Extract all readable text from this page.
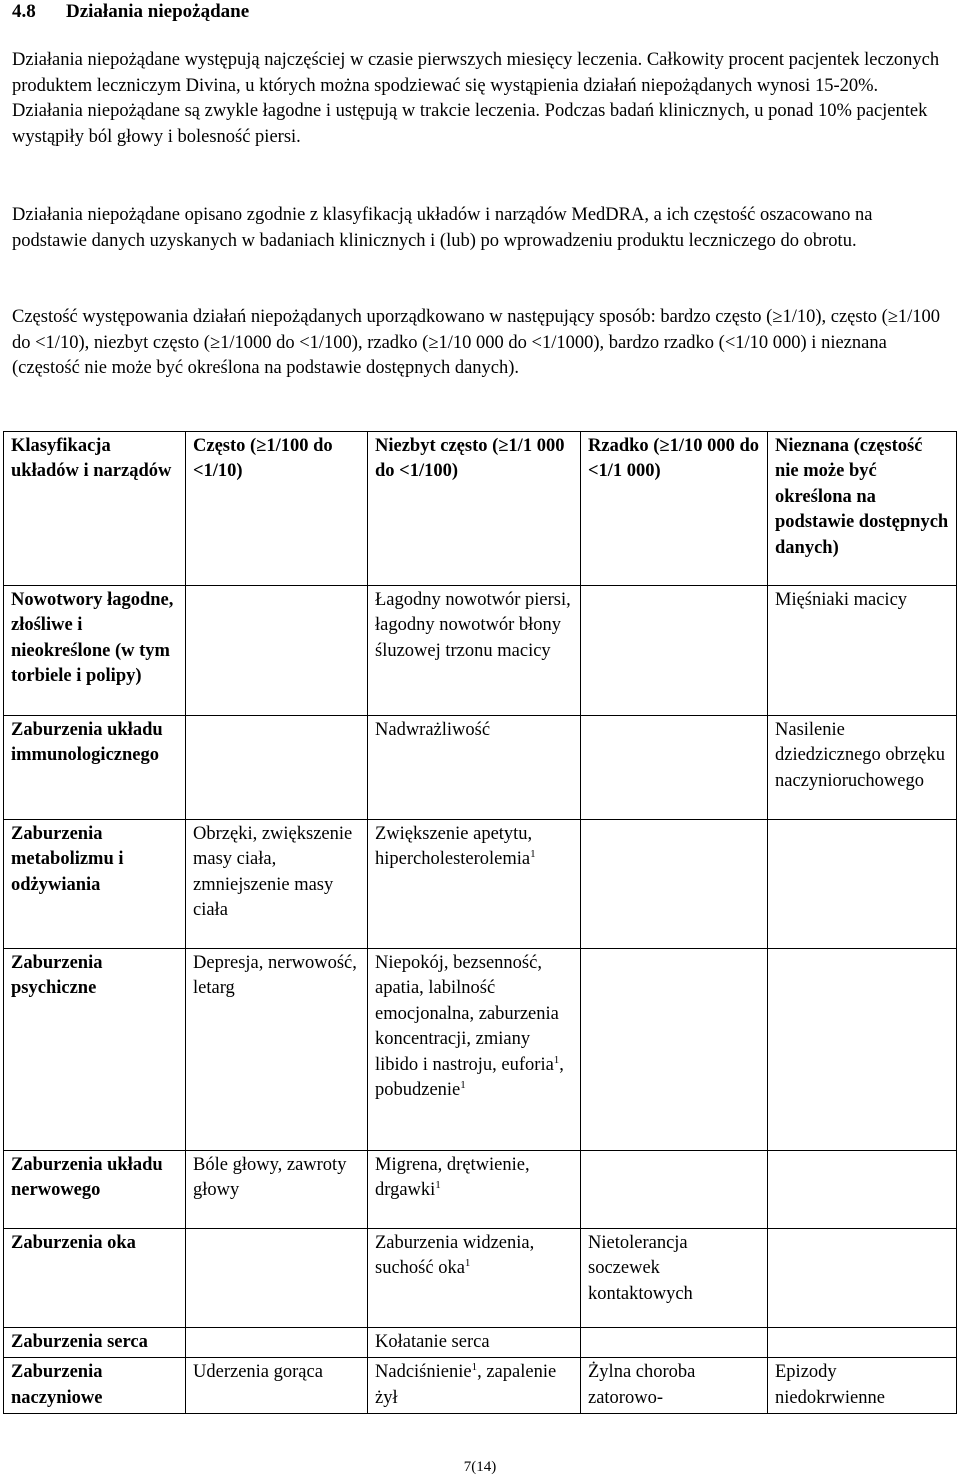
4.8 Działania niepożądane

Działania niepożądane występują najczęściej w czasie pierwszych miesięcy leczenia. Całkowity procent pacjentek leczonych produktem leczniczym Divina, u których można spodziewać się wystąpienia działań niepożądanych wynosi 15-20%. Działania niepożądane są zwykle łagodne i ustępują w trakcie leczenia. Podczas badań klinicznych, u ponad 10% pacjentek wystąpiły ból głowy i bolesność piersi.

Działania niepożądane opisano zgodnie z klasyfikacją układów i narządów MedDRA, a ich częstość oszacowano na podstawie danych uzyskanych w badaniach klinicznych i (lub) po wprowadzeniu produktu leczniczego do obrotu.

Częstość występowania działań niepożądanych uporządkowano w następujący sposób: bardzo często (≥1/10), często (≥1/100 do <1/10), niezbyt często (≥1/1000 do <1/100), rzadko (≥1/10 000 do <1/1000), bardzo rzadko (<1/10 000) i nieznana (częstość nie może być określona na podstawie dostępnych danych).

Klasyfikacja układów i narządów	Często (≥1/100 do <1/10)	Niezbyt często (≥1/1 000 do <1/100)	Rzadko (≥1/10 000 do <1/1 000)	Nieznana (częstość nie może być określona na podstawie dostępnych danych)
Nowotwory łagodne, złośliwe i nieokreślone (w tym torbiele i polipy)		Łagodny nowotwór piersi, łagodny nowotwór błony śluzowej trzonu macicy		Mięśniaki macicy
Zaburzenia układu immunologicznego		Nadwrażliwość		Nasilenie dziedzicznego obrzęku naczynioruchowego
Zaburzenia metabolizmu i odżywiania	Obrzęki, zwiększenie masy ciała, zmniejszenie masy ciała	Zwiększenie apetytu, hipercholesterolemia$^1$		
Zaburzenia psychiczne	Depresja, nerwowość, letarg	Niepokój, bezsenność, apatia, labilność emocjonalna, zaburzenia koncentracji, zmiany libido i nastroju, euforia$^1$, pobudzenie$^1$		
Zaburzenia układu nerwowego	Bóle głowy, zawroty głowy	Migrena, drętwienie, drgawki$^1$		
Zaburzenia oka		Zaburzenia widzenia, suchość oka$^1$	Nietolerancja soczewek kontaktowych	
Zaburzenia serca		Kołatanie serca		
Zaburzenia naczyniowe	Uderzenia gorąca	Nadciśnienie$^1$, zapalenie żył	Żylna choroba zatorowo-	Epizody niedokrwienne
7(14)
